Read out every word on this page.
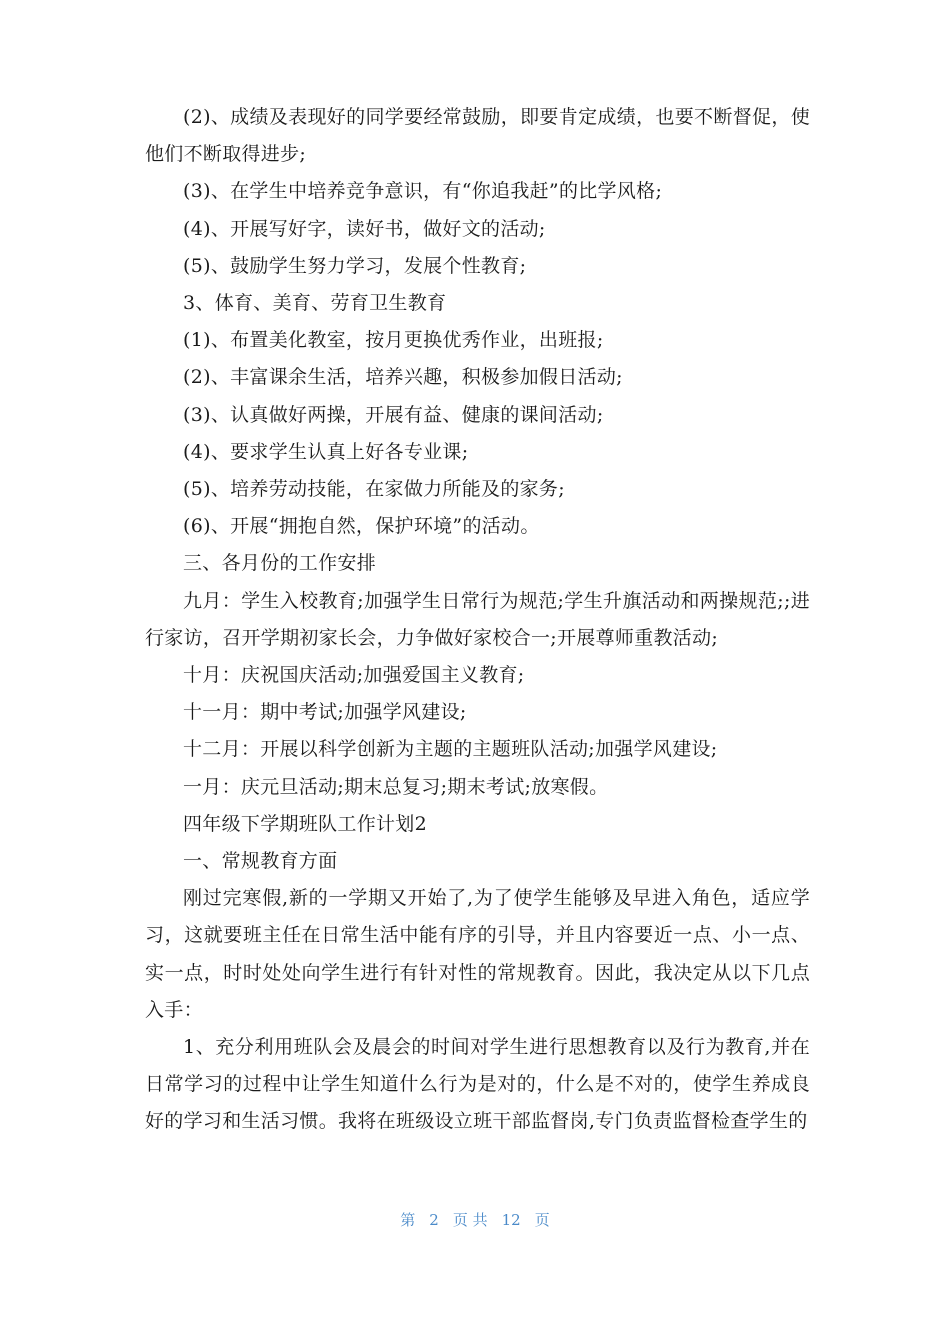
(2)、成绩及表现好的同学要经常鼓励，即要肯定成绩，也要不断督促，使他们不断取得进步;

(3)、在学生中培养竞争意识，有“你追我赶”的比学风格;

(4)、开展写好字，读好书，做好文的活动;

(5)、鼓励学生努力学习，发展个性教育;

3、体育、美育、劳育卫生教育

(1)、布置美化教室，按月更换优秀作业，出班报;

(2)、丰富课余生活，培养兴趣，积极参加假日活动;

(3)、认真做好两操，开展有益、健康的课间活动;

(4)、要求学生认真上好各专业课;

(5)、培养劳动技能，在家做力所能及的家务;

(6)、开展“拥抱自然，保护环境”的活动。

三、各月份的工作安排

九月：学生入校教育;加强学生日常行为规范;学生升旗活动和两操规范;;进行家访，召开学期初家长会，力争做好家校合一;开展尊师重教活动;

十月：庆祝国庆活动;加强爱国主义教育;

十一月：期中考试;加强学风建设;

十二月：开展以科学创新为主题的主题班队活动;加强学风建设;

一月：庆元旦活动;期末总复习;期末考试;放寒假。

四年级下学期班队工作计划2

一、常规教育方面

刚过完寒假,新的一学期又开始了,为了使学生能够及早进入角色，适应学习，这就要班主任在日常生活中能有序的引导，并且内容要近一点、小一点、实一点，时时处处向学生进行有针对性的常规教育。因此，我决定从以下几点入手：

1、充分利用班队会及晨会的时间对学生进行思想教育以及行为教育,并在日常学习的过程中让学生知道什么行为是对的，什么是不对的，使学生养成良好的学习和生活习惯。我将在班级设立班干部监督岗,专门负责监督检查学生的

第 2 页 共 12 页
